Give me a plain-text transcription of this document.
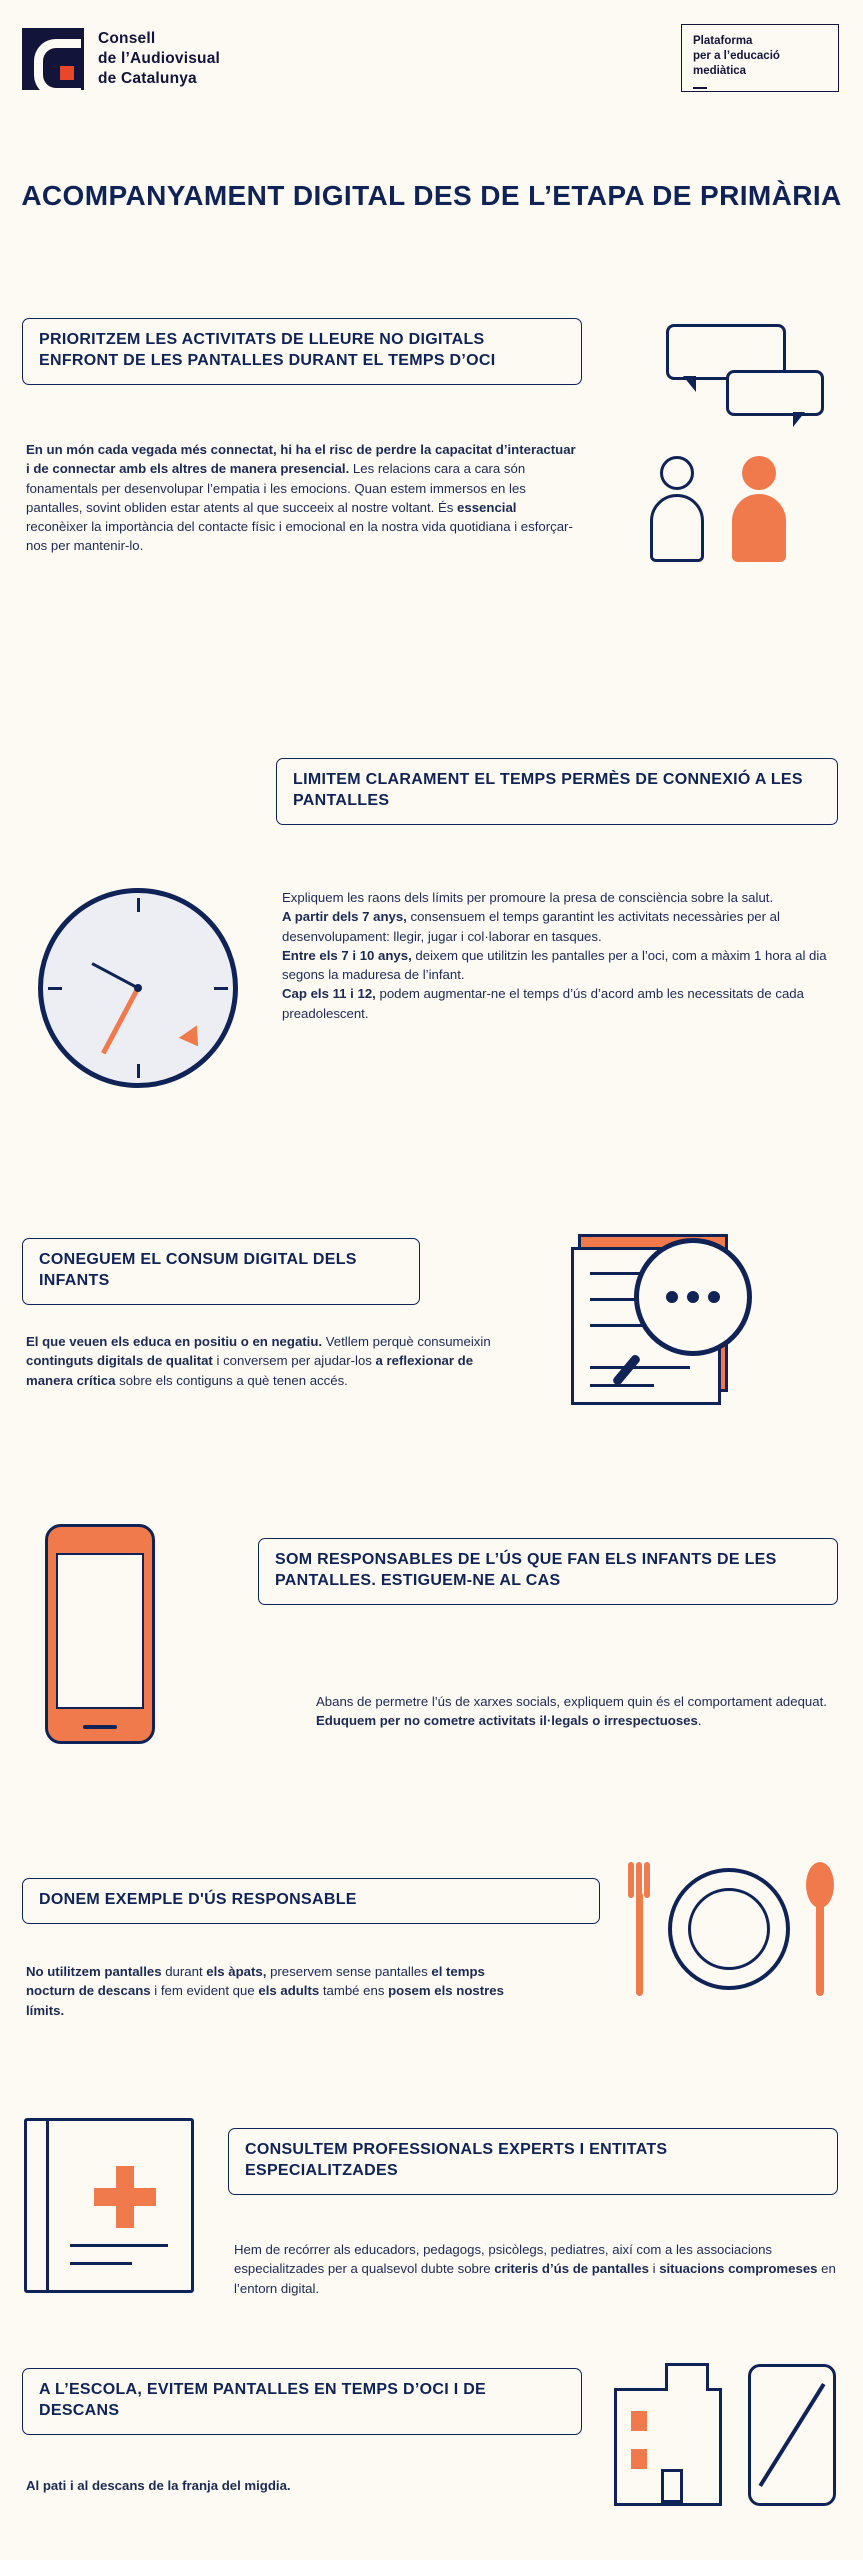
Consell
de l’Audiovisual
de Catalunya
Plataforma
per a l’educació
mediàtica
ACOMPANYAMENT DIGITAL DES DE L’ETAPA DE PRIMÀRIA
PRIORITZEM LES ACTIVITATS DE LLEURE NO DIGITALS ENFRONT DE LES PANTALLES DURANT EL TEMPS D’OCI
En un món cada vegada més connectat, hi ha el risc de perdre la capacitat d’interactuar i de connectar amb els altres de manera presencial. Les relacions cara a cara són fonamentals per desenvolupar l’empatia i les emocions. Quan estem immersos en les pantalles, sovint obliden estar atents al que succeeix al nostre voltant. És essencial reconèixer la importància del contacte físic i emocional en la nostra vida quotidiana i esforçar-nos per mantenir-lo.
LIMITEM CLARAMENT EL TEMPS PERMÈS DE CONNEXIÓ A LES PANTALLES
Expliquem les raons dels límits per promoure la presa de consciència sobre la salut.
A partir dels 7 anys, consensuem el temps garantint les activitats necessàries per al desenvolupament: llegir, jugar i col·laborar en tasques.
Entre els 7 i 10 anys, deixem que utilitzin les pantalles per a l’oci, com a màxim 1 hora al dia segons la maduresa de l’infant.
Cap els 11 i 12, podem augmentar-ne el temps d’ús d’acord amb les necessitats de cada preadolescent.
CONEGUEM EL CONSUM DIGITAL DELS INFANTS
El que veuen els educa en positiu o en negatiu. Vetllem perquè consumeixin continguts digitals de qualitat i conversem per ajudar-los a reflexionar de manera crítica sobre els contiguns a què tenen accés.
SOM RESPONSABLES DE L’ÚS QUE FAN ELS INFANTS DE LES PANTALLES. ESTIGUEM-NE AL CAS
Abans de permetre l’ús de xarxes socials, expliquem quin és el comportament adequat. Eduquem per no cometre activitats il·legals o irrespectuoses.
DONEM EXEMPLE D'ÚS RESPONSABLE
No utilitzem pantalles durant els àpats, preservem sense pantalles el temps nocturn de descans i fem evident que els adults també ens posem els nostres límits.
CONSULTEM PROFESSIONALS EXPERTS I ENTITATS ESPECIALITZADES
Hem de recórrer als educadors, pedagogs, psicòlegs, pediatres, així com a les associacions especialitzades per a qualsevol dubte sobre criteris d’ús de pantalles i situacions compromeses en l’entorn digital.
A L’ESCOLA, EVITEM PANTALLES EN TEMPS D’OCI I DE DESCANS
Al pati i al descans de la franja del migdia.
